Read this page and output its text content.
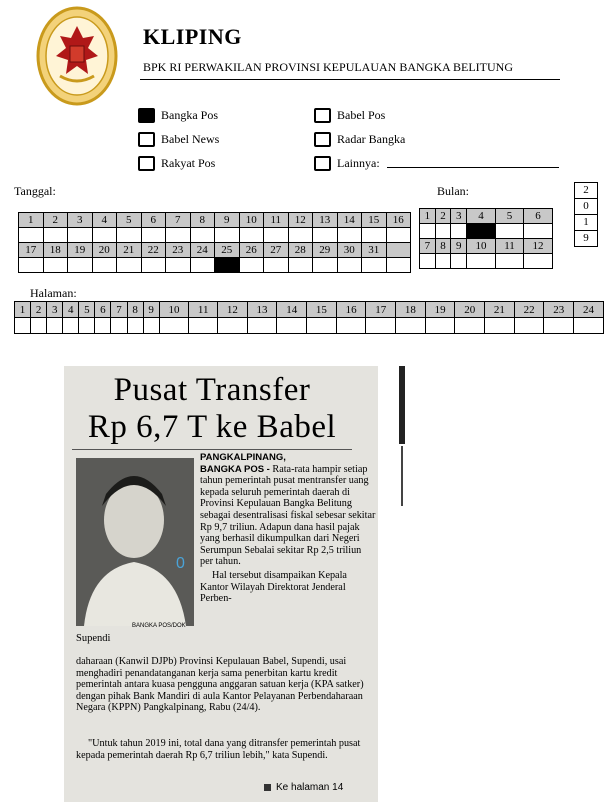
KLIPING
BPK RI PERWAKILAN PROVINSI KEPULAUAN BANGKA BELITUNG
Bangka Pos	Babel Pos
Babel News	Radar Bangka
Rakyat Pos	Lainnya:
Tanggal:
1	2	3	4	5	6	7	8	9	10	11	12	13	14	15	16

17	18	19	20	21	22	23	24	25	26	27	28	29	30	31	

Bulan:
1	2	3	4	5	6

7	8	9	10	11	12

2
0
1
9
Halaman:
1	2	3	4	5	6	7	8	9	10	11	12	13	14	15	16	17	18	19	20	21	22	23	24

Pusat Transfer
Rp 6,7 T ke Babel
0
BANGKA POS/DOK
Supendi
PANGKALPINANG,
BANGKA POS - Rata-rata hampir setiap tahun pemerintah pusat mentransfer uang kepada seluruh pemerintah daerah di Provinsi Kepulauan Bangka Belitung sebagai desentralisasi fiskal sebesar sekitar Rp 9,7 triliun. Adapun dana hasil pajak yang berhasil dikumpulkan dari Negeri Serumpun Sebalai sekitar Rp 2,5 triliun per tahun.
Hal tersebut disampaikan Kepala Kantor Wilayah Direktorat Jenderal Perben-
daharaan (Kanwil DJPb) Provinsi Kepulauan Babel, Supendi, usai menghadiri penandatanganan kerja sama penerbitan kartu kredit pemerintah antara kuasa pengguna anggaran satuan kerja (KPA satker) dengan pihak Bank Mandiri di aula Kantor Pelayanan Perbendaharaan Negara (KPPN) Pangkalpinang, Rabu (24/4).
"Untuk tahun 2019 ini, total dana yang ditransfer pemerintah pusat kepada pemerintah daerah Rp 6,7 triliun lebih," kata Supendi.
Ke halaman 14
